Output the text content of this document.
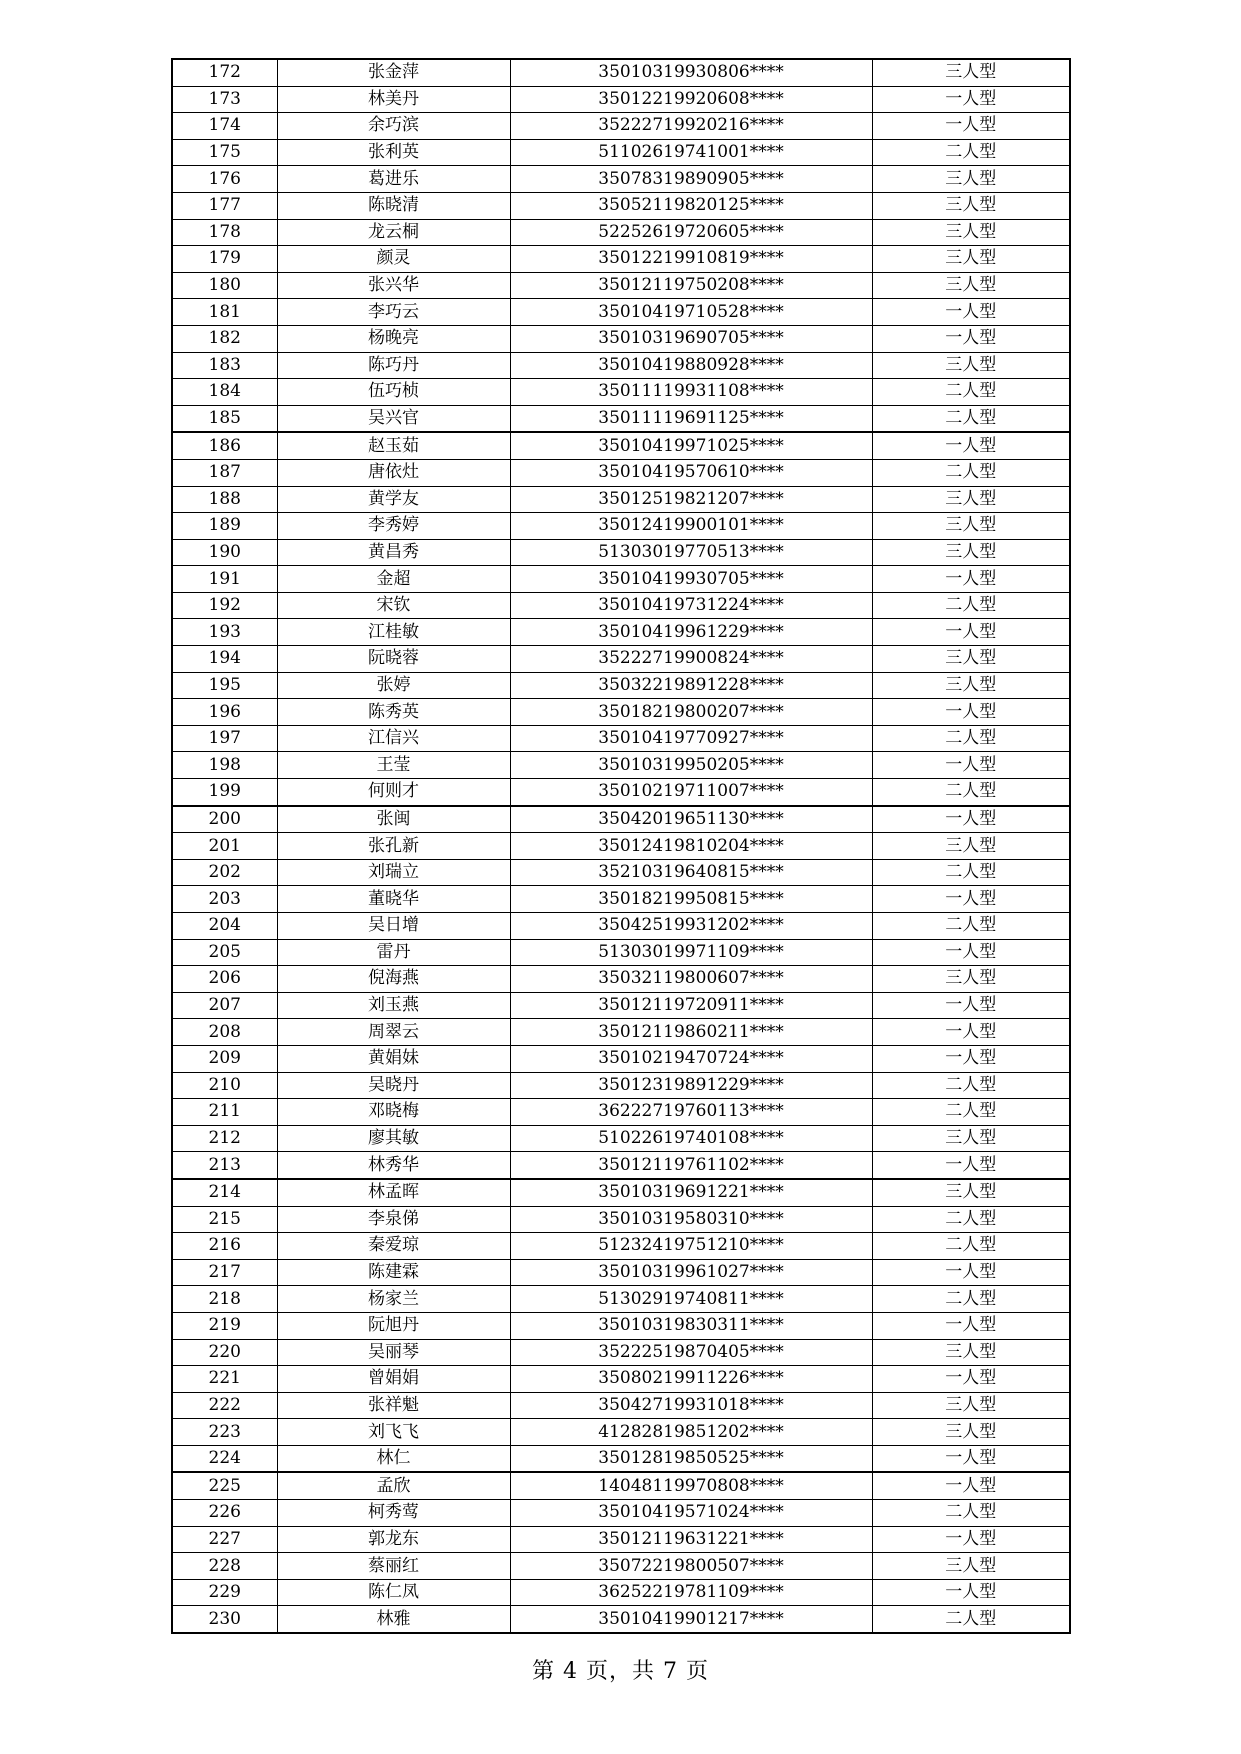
172	张金萍	35010319930806****	三人型
173	林美丹	35012219920608****	一人型
174	余巧滨	35222719920216****	一人型
175	张利英	51102619741001****	二人型
176	葛进乐	35078319890905****	三人型
177	陈晓清	35052119820125****	三人型
178	龙云桐	52252619720605****	三人型
179	颜灵	35012219910819****	三人型
180	张兴华	35012119750208****	三人型
181	李巧云	35010419710528****	一人型
182	杨晚亮	35010319690705****	一人型
183	陈巧丹	35010419880928****	三人型
184	伍巧桢	35011119931108****	二人型
185	吴兴官	35011119691125****	二人型
186	赵玉茹	35010419971025****	一人型
187	唐依灶	35010419570610****	二人型
188	黄学友	35012519821207****	三人型
189	李秀婷	35012419900101****	三人型
190	黄昌秀	51303019770513****	三人型
191	金超	35010419930705****	一人型
192	宋钦	35010419731224****	二人型
193	江桂敏	35010419961229****	一人型
194	阮晓蓉	35222719900824****	三人型
195	张婷	35032219891228****	三人型
196	陈秀英	35018219800207****	一人型
197	江信兴	35010419770927****	二人型
198	王莹	35010319950205****	一人型
199	何则才	35010219711007****	二人型
200	张闽	35042019651130****	一人型
201	张孔新	35012419810204****	三人型
202	刘瑞立	35210319640815****	二人型
203	董晓华	35018219950815****	一人型
204	吴日增	35042519931202****	二人型
205	雷丹	51303019971109****	一人型
206	倪海燕	35032119800607****	三人型
207	刘玉燕	35012119720911****	一人型
208	周翠云	35012119860211****	一人型
209	黄娟妹	35010219470724****	一人型
210	吴晓丹	35012319891229****	二人型
211	邓晓梅	36222719760113****	二人型
212	廖其敏	51022619740108****	三人型
213	林秀华	35012119761102****	一人型
214	林孟晖	35010319691221****	三人型
215	李泉俤	35010319580310****	二人型
216	秦爱琼	51232419751210****	二人型
217	陈建霖	35010319961027****	一人型
218	杨家兰	51302919740811****	二人型
219	阮旭丹	35010319830311****	一人型
220	吴丽琴	35222519870405****	三人型
221	曾娟娟	35080219911226****	一人型
222	张祥魁	35042719931018****	三人型
223	刘飞飞	41282819851202****	三人型
224	林仁	35012819850525****	一人型
225	孟欣	14048119970808****	一人型
226	柯秀莺	35010419571024****	二人型
227	郭龙东	35012119631221****	一人型
228	蔡丽红	35072219800507****	三人型
229	陈仁凤	36252219781109****	一人型
230	林雅	35010419901217****	二人型
第 4 页，共 7 页
